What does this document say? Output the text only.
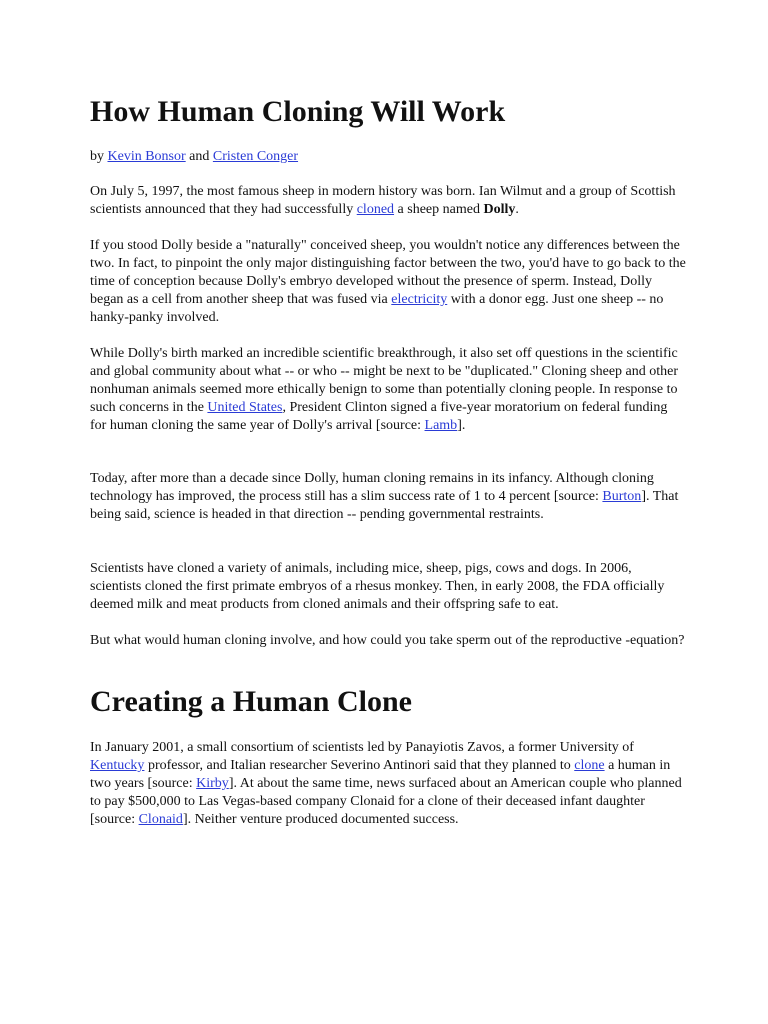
How Human Cloning Will Work

by Kevin Bonsor and Cristen Conger

On July 5, 1997, the most famous sheep in modern history was born. Ian Wilmut and a group of Scottish scientists announced that they had successfully cloned a sheep named Dolly.

If you stood Dolly beside a "naturally" conceived sheep, you wouldn't notice any differences between the two. In fact, to pinpoint the only major distinguishing factor between the two, you'd have to go back to the time of conception because Dolly's embryo developed without the presence of sperm. Instead, Dolly began as a cell from another sheep that was fused via electricity with a donor egg. Just one sheep -- no hanky-panky involved.

While Dolly's birth marked an incredible scientific breakthrough, it also set off questions in the scientific and global community about what -- or who -- might be next to be "duplicated." Cloning sheep and other nonhuman animals seemed more ethically benign to some than potentially cloning people. In response to such concerns in the United States, President Clinton signed a five-year moratorium on federal funding for human cloning the same year of Dolly's arrival [source: Lamb].

Today, after more than a decade since Dolly, human cloning remains in its infancy. Although cloning technology has improved, the process still has a slim success rate of 1 to 4 percent [source: Burton]. That being said, science is headed in that direction -- pending governmental restraints.

Scientists have cloned a variety of animals, including mice, sheep, pigs, cows and dogs. In 2006, scientists cloned the first primate embryos of a rhesus monkey. Then, in early 2008, the FDA officially deemed milk and meat products from cloned animals and their offspring safe to eat.

But what would human cloning involve, and how could you take sperm out of the reproductive -equation?

Creating a Human Clone

In January 2001, a small consortium of scientists led by Panayiotis Zavos, a former University of Kentucky professor, and Italian researcher Severino Antinori said that they planned to clone a human in two years [source: Kirby]. At about the same time, news surfaced about an American couple who planned to pay $500,000 to Las Vegas-based company Clonaid for a clone of their deceased infant daughter [source: Clonaid]. Neither venture produced documented success.
